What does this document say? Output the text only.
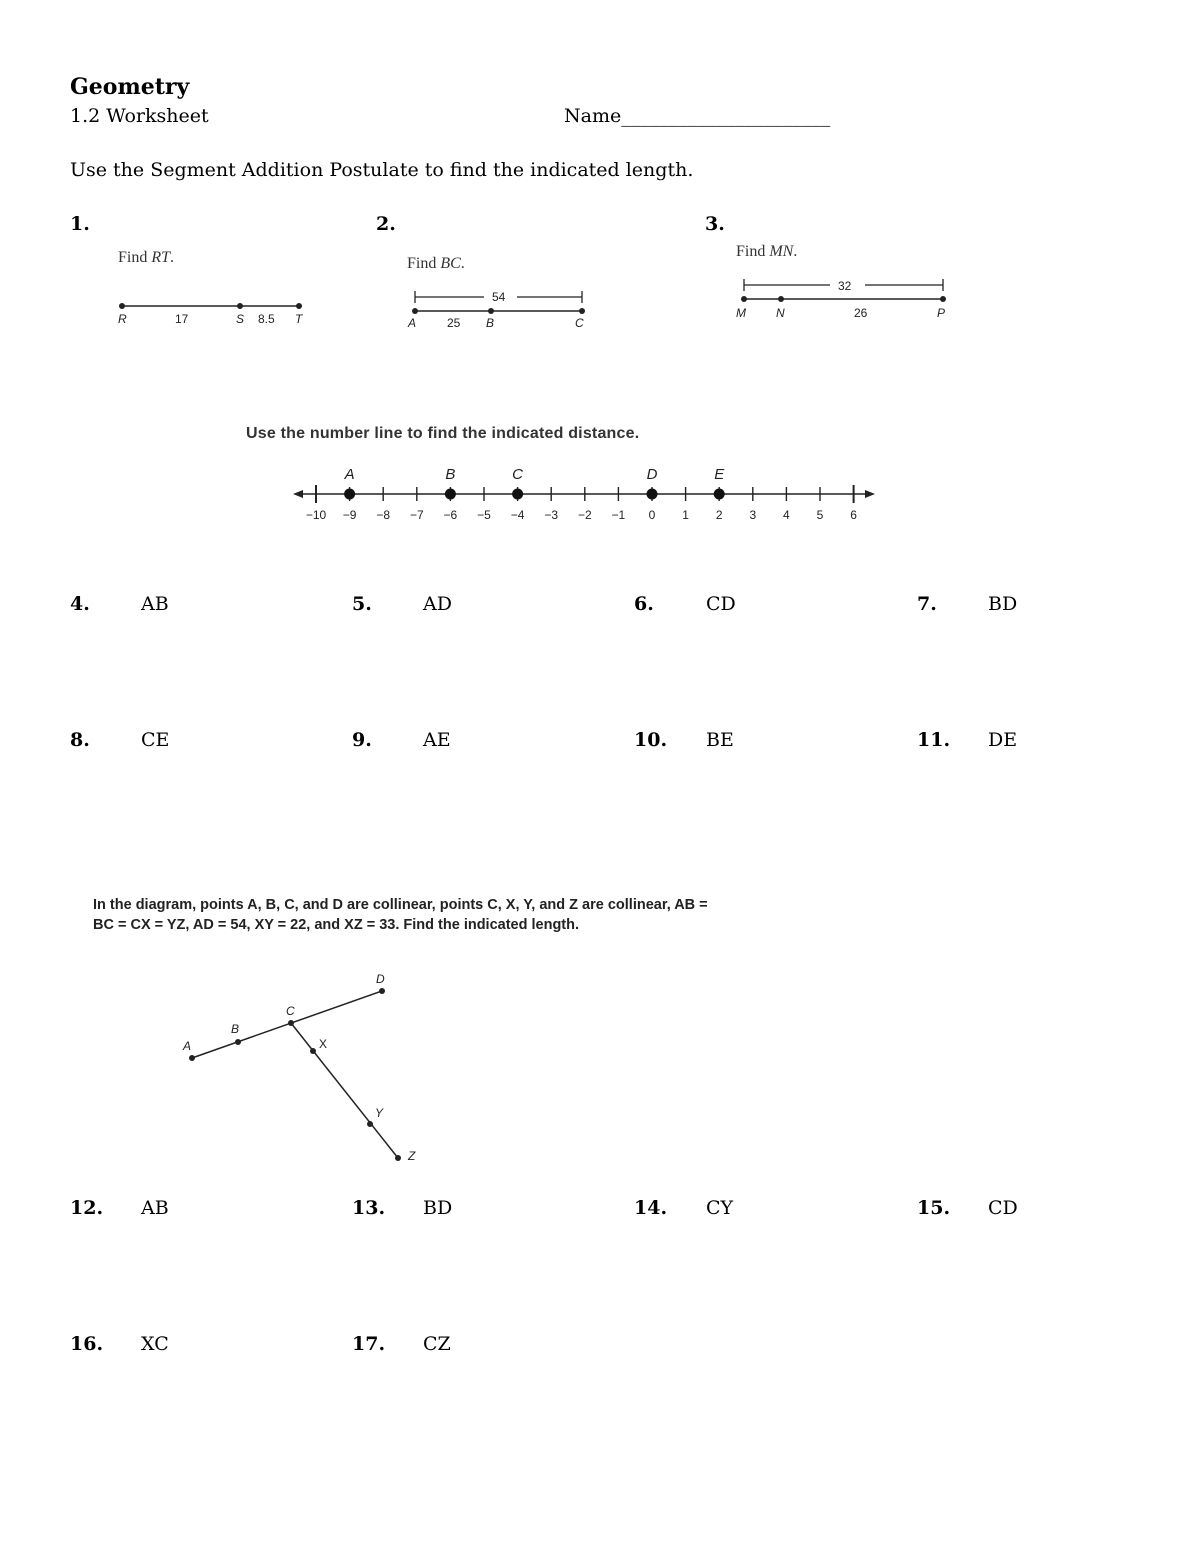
Geometry
1.2 Worksheet	Name______________________
Use the Segment Addition Postulate to find the indicated length.
1.	2.	3.
Find RT.	Find BC.
Find MN.
R	17	S 8.5 T
54
A	25 B	C
32
M	N	26	P
Use the number line to find the indicated distance.
−10 −9 −8 −7 −6 −5 −4 −3 −2 −1 0 1 2 3 4 5 6
A	B	C	D	E
4.	AB	5.	AD	6.	CD	7.	BD
8.	CE	9.	AE	10. BE	11. DE
In the diagram, points A, B, C, and D are collinear, points C, X, Y, and Z are collinear, AB = BC = CX = YZ, AD = 54, XY = 22, and XZ = 33. Find the indicated length.
A
B
C
D
X
Y
Z
12. AB	13. BD	14. CY	15. CD
16. XC	17. CZ
